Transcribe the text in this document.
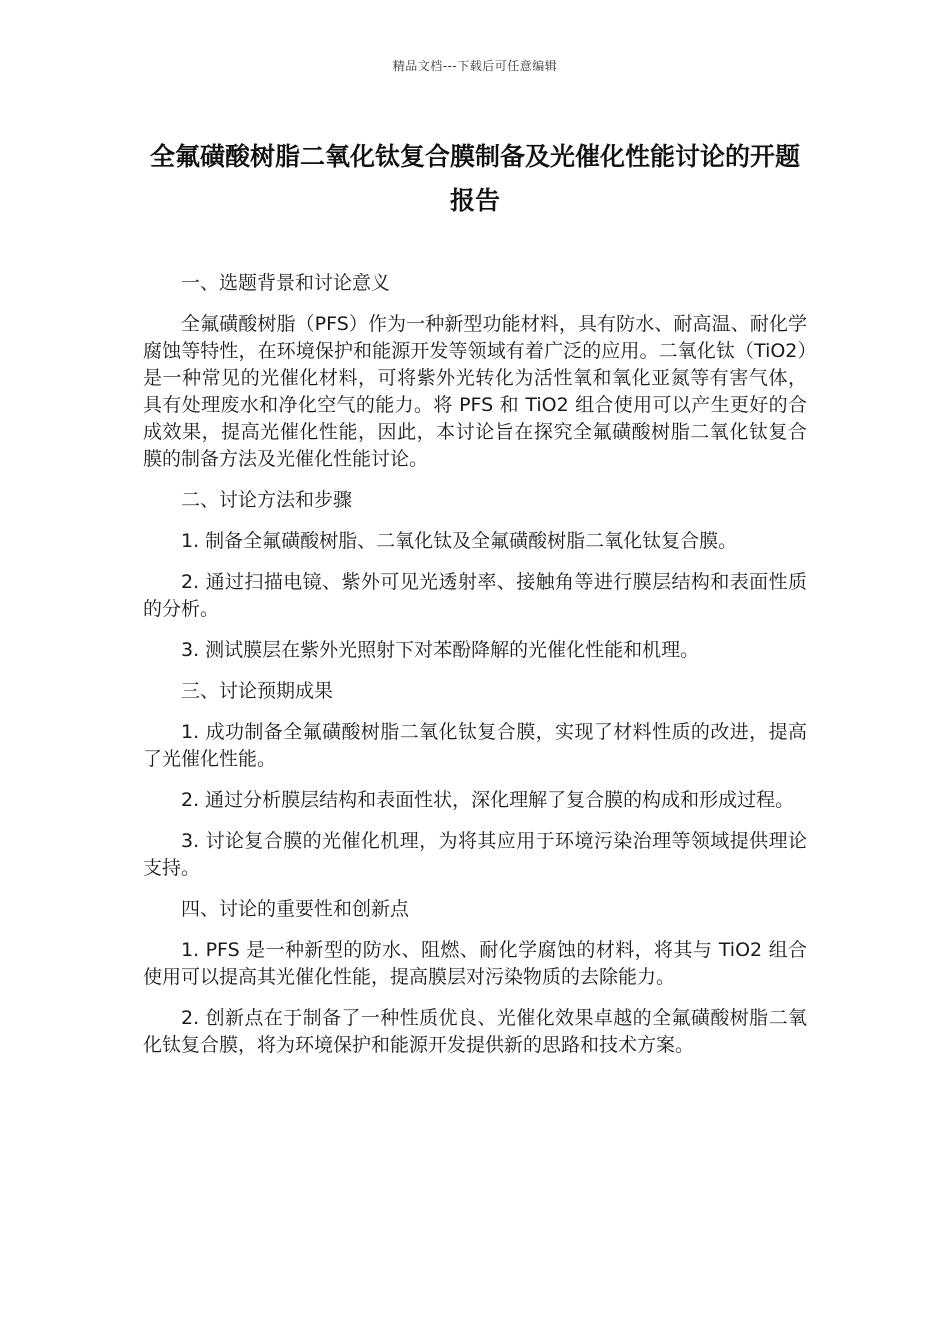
精品文档---下载后可任意编辑
全氟磺酸树脂二氧化钛复合膜制备及光催化性能讨论的开题报告

一、选题背景和讨论意义

全氟磺酸树脂（PFS）作为一种新型功能材料，具有防水、耐高温、耐化学腐蚀等特性，在环境保护和能源开发等领域有着广泛的应用。二氧化钛（TiO2）是一种常见的光催化材料，可将紫外光转化为活性氧和氧化亚氮等有害气体，具有处理废水和净化空气的能力。将 PFS 和 TiO2 组合使用可以产生更好的合成效果，提高光催化性能，因此，本讨论旨在探究全氟磺酸树脂二氧化钛复合膜的制备方法及光催化性能讨论。

二、讨论方法和步骤

1. 制备全氟磺酸树脂、二氧化钛及全氟磺酸树脂二氧化钛复合膜。

2. 通过扫描电镜、紫外可见光透射率、接触角等进行膜层结构和表面性质的分析。

3. 测试膜层在紫外光照射下对苯酚降解的光催化性能和机理。

三、讨论预期成果

1. 成功制备全氟磺酸树脂二氧化钛复合膜，实现了材料性质的改进，提高了光催化性能。

2. 通过分析膜层结构和表面性状，深化理解了复合膜的构成和形成过程。

3. 讨论复合膜的光催化机理，为将其应用于环境污染治理等领域提供理论支持。

四、讨论的重要性和创新点

1. PFS 是一种新型的防水、阻燃、耐化学腐蚀的材料，将其与 TiO2 组合使用可以提高其光催化性能，提高膜层对污染物质的去除能力。

2. 创新点在于制备了一种性质优良、光催化效果卓越的全氟磺酸树脂二氧化钛复合膜，将为环境保护和能源开发提供新的思路和技术方案。
